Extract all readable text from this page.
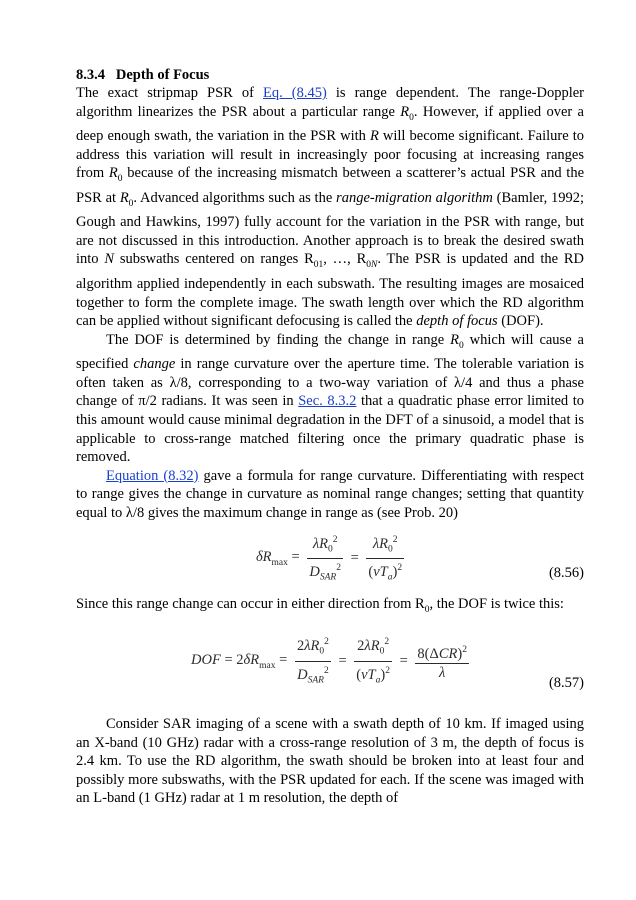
8.3.4 Depth of Focus

The exact stripmap PSR of Eq. (8.45) is range dependent. The range-Doppler algorithm linearizes the PSR about a particular range $R_0$. However, if applied over a deep enough swath, the variation in the PSR with R will become significant. Failure to address this variation will result in increasingly poor focusing at increasing ranges from $R_0$ because of the increasing mismatch between a scatterer’s actual PSR and the PSR at $R_0$. Advanced algorithms such as the range-migration algorithm (Bamler, 1992; Gough and Hawkins, 1997) fully account for the variation in the PSR with range, but are not discussed in this introduction. Another approach is to break the desired swath into N subswaths centered on ranges $R_{01}$, …, $R_{0N}$. The PSR is updated and the RD algorithm applied independently in each subswath. The resulting images are mosaiced together to form the complete image. The swath length over which the RD algorithm can be applied without significant defocusing is called the depth of focus (DOF).

The DOF is determined by finding the change in range $R_0$ which will cause a specified change in range curvature over the aperture time. The tolerable variation is often taken as λ/8, corresponding to a two-way variation of λ/4 and thus a phase change of π/2 radians. It was seen in Sec. 8.3.2 that a quadratic phase error limited to this amount would cause minimal degradation in the DFT of a sinusoid, a model that is applicable to cross-range matched filtering once the primary quadratic phase is removed.

Equation (8.32) gave a formula for range curvature. Differentiating with respect to range gives the change in curvature as nominal range changes; setting that quantity equal to λ/8 gives the maximum change in range as (see Prob. 20)

$\delta R_{max} = \frac{\lambda R_0^2}{D_{SAR}^2} = \frac{\lambda R_0^2}{(vT_a)^2}$	(8.56)

Since this range change can occur in either direction from $R_0$, the DOF is twice this:

DOF = $2\delta R_{max} = \frac{2\lambda R_0^2}{D_{SAR}^2} = \frac{2\lambda R_0^2}{(vT_a)^2} = \frac{8(\Delta CR)^2}{\lambda}$
(8.57)

Consider SAR imaging of a scene with a swath depth of 10 km. If imaged using an X-band (10 GHz) radar with a cross-range resolution of 3 m, the depth of focus is 2.4 km. To use the RD algorithm, the swath should be broken into at least four and possibly more subswaths, with the PSR updated for each. If the scene was imaged with an L-band (1 GHz) radar at 1 m resolution, the depth of
